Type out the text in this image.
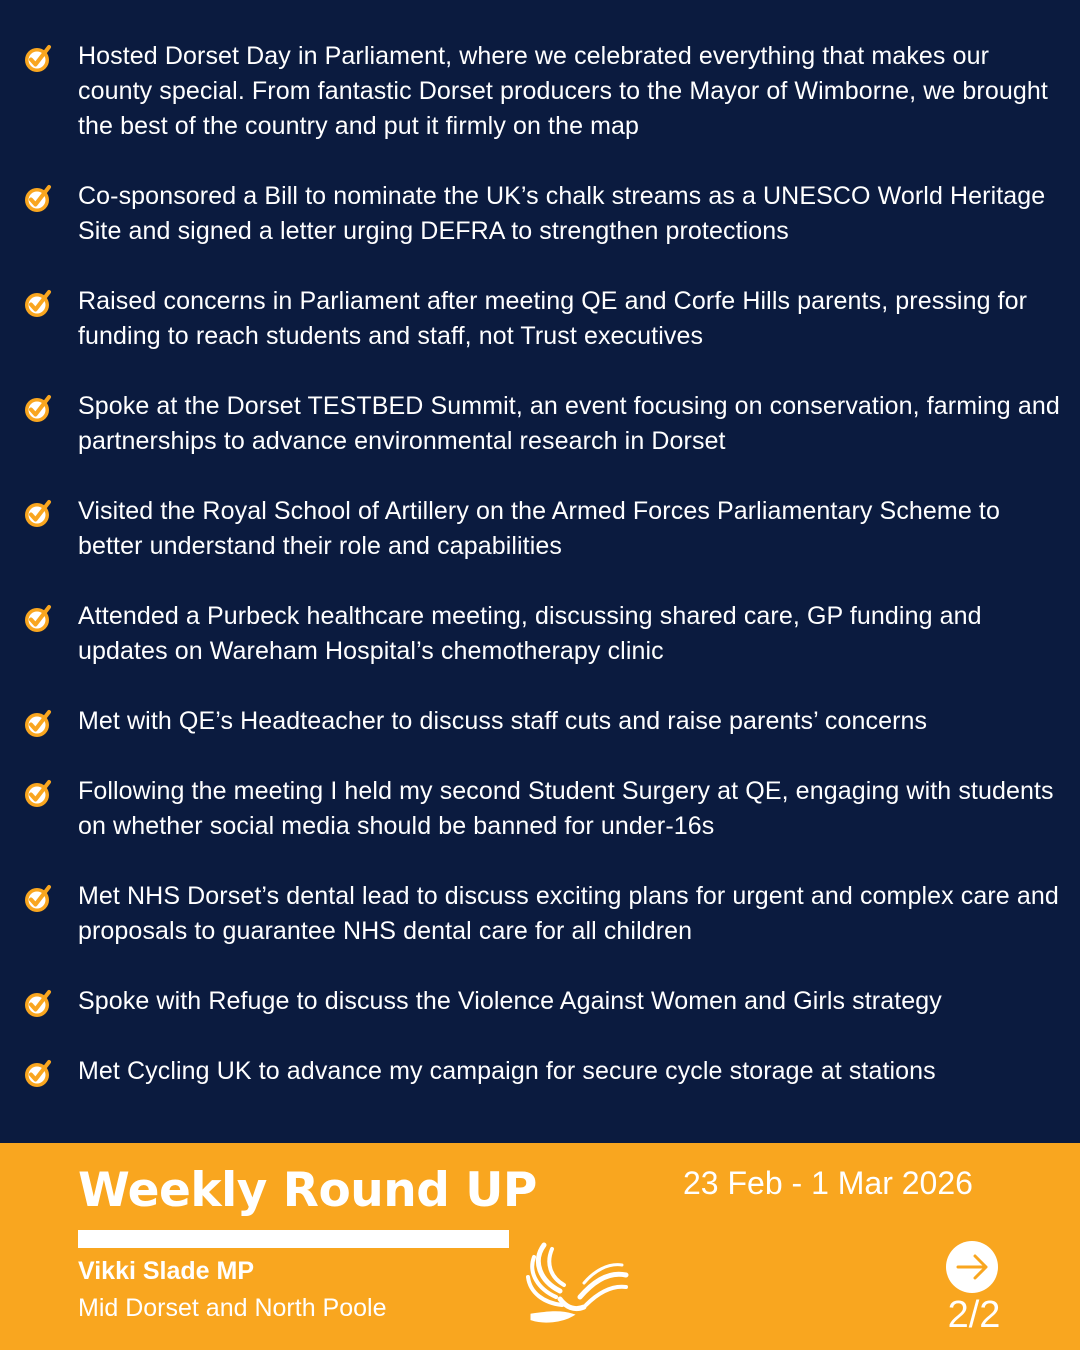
Hosted Dorset Day in Parliament, where we celebrated everything that makes our county special. From fantastic Dorset producers to the Mayor of Wimborne, we brought the best of the country and put it firmly on the map
Co-sponsored a Bill to nominate the UK’s chalk streams as a UNESCO World Heritage Site and signed a letter urging DEFRA to strengthen protections
Raised concerns in Parliament after meeting QE and Corfe Hills parents, pressing for funding to reach students and staff, not Trust executives
Spoke at the Dorset TESTBED Summit, an event focusing on conservation, farming and partnerships to advance environmental research in Dorset
Visited the Royal School of Artillery on the Armed Forces Parliamentary Scheme to better understand their role and capabilities
Attended a Purbeck healthcare meeting, discussing shared care, GP funding and updates on Wareham Hospital’s chemotherapy clinic
Met with QE’s Headteacher to discuss staff cuts and raise parents’ concerns
Following the meeting I held my second Student Surgery at QE, engaging with students on whether social media should be banned for under-16s
Met NHS Dorset’s dental lead to discuss exciting plans for urgent and complex care and proposals to guarantee NHS dental care for all children
Spoke with Refuge to discuss the Violence Against Women and Girls strategy
Met Cycling UK to advance my campaign for secure cycle storage at stations
Weekly Round UP
Vikki Slade MP
Mid Dorset and North Poole
23 Feb - 1 Mar 2026
2/2
